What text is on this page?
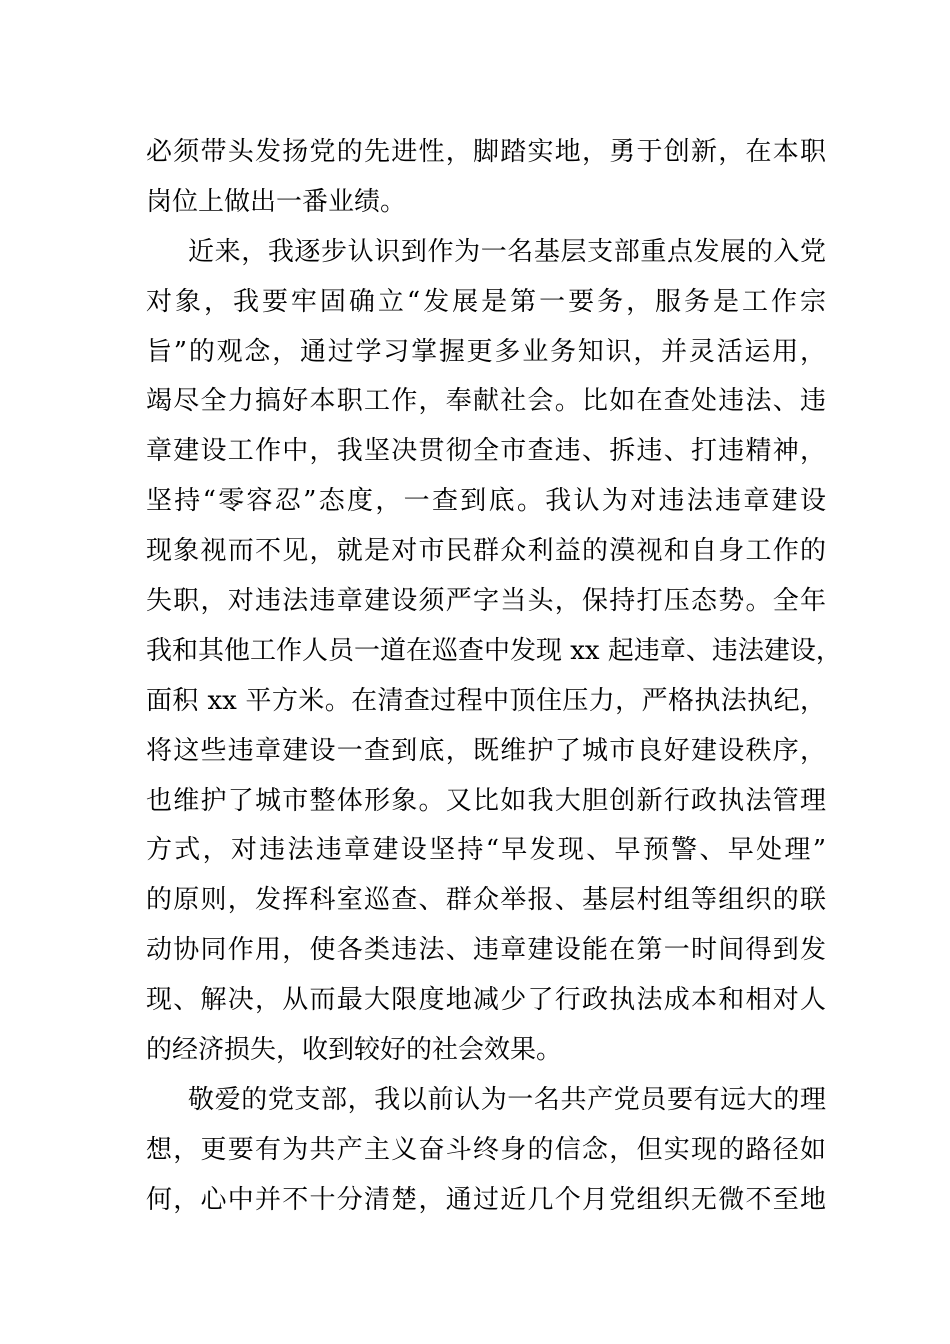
必须带头发扬党的先进性，脚踏实地，勇于创新，在本职
岗位上做出一番业绩。
近来，我逐步认识到作为一名基层支部重点发展的入党
对象，我要牢固确立“发展是第一要务，服务是工作宗
旨”的观念，通过学习掌握更多业务知识，并灵活运用，
竭尽全力搞好本职工作，奉献社会。比如在查处违法、违
章建设工作中，我坚决贯彻全市查违、拆违、打违精神，
坚持“零容忍”态度，一查到底。我认为对违法违章建设
现象视而不见，就是对市民群众利益的漠视和自身工作的
失职，对违法违章建设须严字当头，保持打压态势。全年
我和其他工作人员一道在巡查中发现 xx 起违章、违法建设，
面积 xx 平方米。在清查过程中顶住压力，严格执法执纪，
将这些违章建设一查到底，既维护了城市良好建设秩序，
也维护了城市整体形象。又比如我大胆创新行政执法管理
方式，对违法违章建设坚持“早发现、早预警、早处理”
的原则，发挥科室巡查、群众举报、基层村组等组织的联
动协同作用，使各类违法、违章建设能在第一时间得到发
现、解决，从而最大限度地减少了行政执法成本和相对人
的经济损失，收到较好的社会效果。
敬爱的党支部，我以前认为一名共产党员要有远大的理
想，更要有为共产主义奋斗终身的信念，但实现的路径如
何，心中并不十分清楚，通过近几个月党组织无微不至地
